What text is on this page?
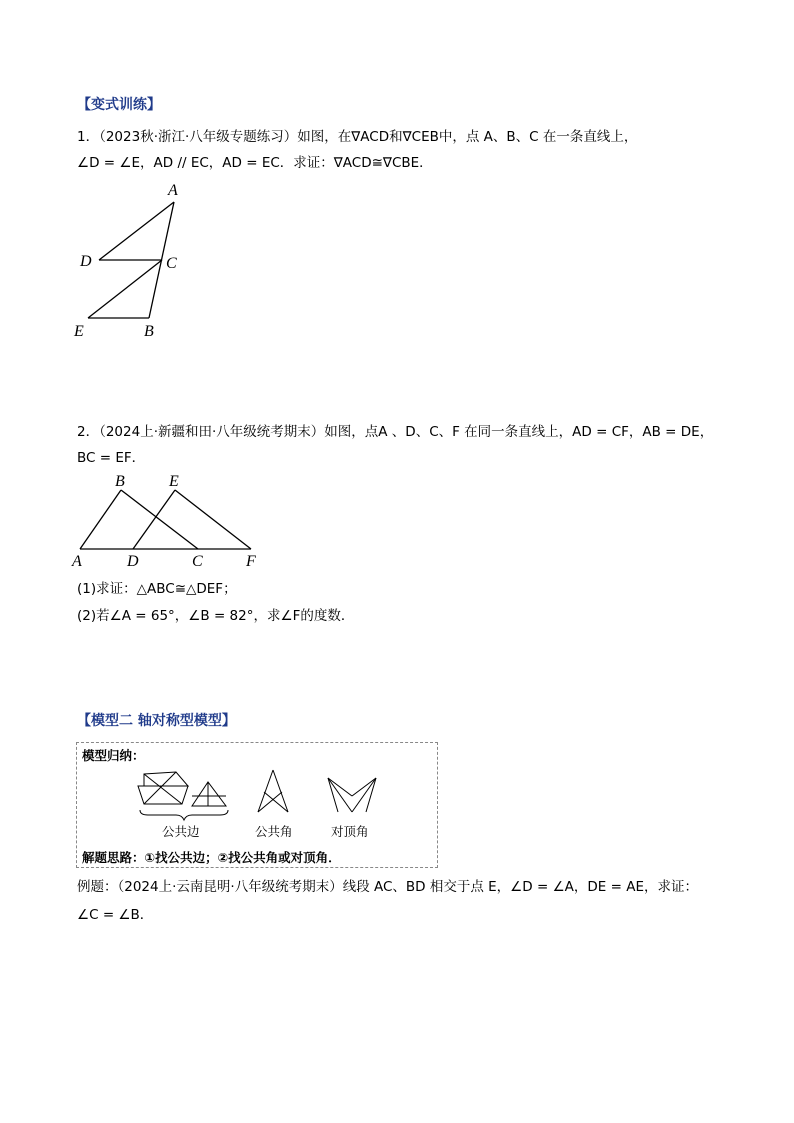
【变式训练】
1．（2023秋·浙江·八年级专题练习）如图，在∇ACD和∇CEB中，点 A、B、C 在一条直线上，
∠D = ∠E，AD // EC，AD = EC．求证：∇ACD≅∇CBE．
A
D	C
E	B
2．（2024上·新疆和田·八年级统考期末）如图，点A 、D、C、F 在同一条直线上，AD = CF，AB = DE，
BC = EF．
B	E
A	D	C	F
(1)求证：△ABC≅△DEF；
(2)若∠A = 65°，∠B = 82°，求∠F的度数．
【模型二 轴对称型模型】
模型归纳：
公共边	公共角	对顶角
解题思路：①找公共边；②找公共角或对顶角．
例题：（2024上·云南昆明·八年级统考期末）线段 AC、BD 相交于点 E，∠D = ∠A，DE = AE，求证：
∠C = ∠B．
